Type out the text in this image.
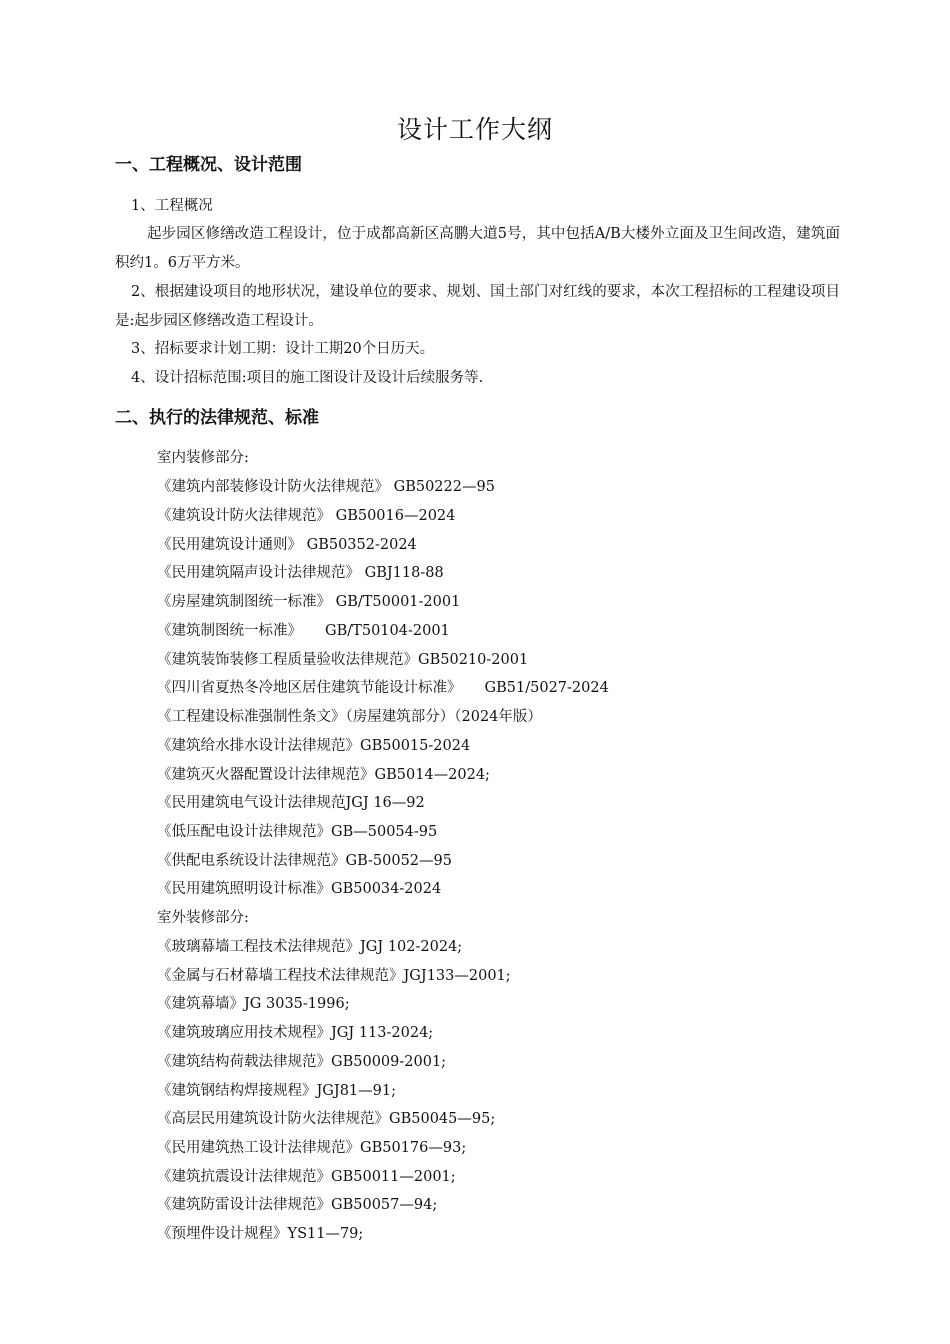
设计工作大纲
一、工程概况、设计范围
1、工程概况
起步园区修缮改造工程设计，位于成都高新区高鹏大道5号，其中包括A/B大楼外立面及卫生间改造，建筑面积约1。6万平方米。
2、根据建设项目的地形状况，建设单位的要求、规划、国土部门对红线的要求，本次工程招标的工程建设项目是:起步园区修缮改造工程设计。
3、招标要求计划工期：设计工期20个日历天。
4、设计招标范围:项目的施工图设计及设计后续服务等.
二、执行的法律规范、标准
室内装修部分:
《建筑内部装修设计防火法律规范》 GB50222—95
《建筑设计防火法律规范》 GB50016—2024
《民用建筑设计通则》 GB50352-2024
《民用建筑隔声设计法律规范》 GBJ118-88
《房屋建筑制图统一标准》 GB/T50001-2001
《建筑制图统一标准》     GB/T50104-2001
《建筑装饰装修工程质量验收法律规范》GB50210-2001
《四川省夏热冬冷地区居住建筑节能设计标准》     GB51/5027-2024
《工程建设标准强制性条文》（房屋建筑部分）（2024年版）
《建筑给水排水设计法律规范》GB50015-2024
《建筑灭火器配置设计法律规范》GB5014—2024;
《民用建筑电气设计法律规范JGJ 16—92
《低压配电设计法律规范》GB—50054-95
《供配电系统设计法律规范》GB-50052—95
《民用建筑照明设计标准》GB50034-2024
室外装修部分:
《玻璃幕墙工程技术法律规范》JGJ 102-2024;
《金属与石材幕墙工程技术法律规范》JGJ133—2001;
《建筑幕墙》JG 3035-1996;
《建筑玻璃应用技术规程》JGJ 113-2024;
《建筑结构荷载法律规范》GB50009-2001;
《建筑钢结构焊接规程》JGJ81—91;
《高层民用建筑设计防火法律规范》GB50045—95;
《民用建筑热工设计法律规范》GB50176—93;
《建筑抗震设计法律规范》GB50011—2001;
《建筑防雷设计法律规范》GB50057—94;
《预埋件设计规程》YS11—79;
